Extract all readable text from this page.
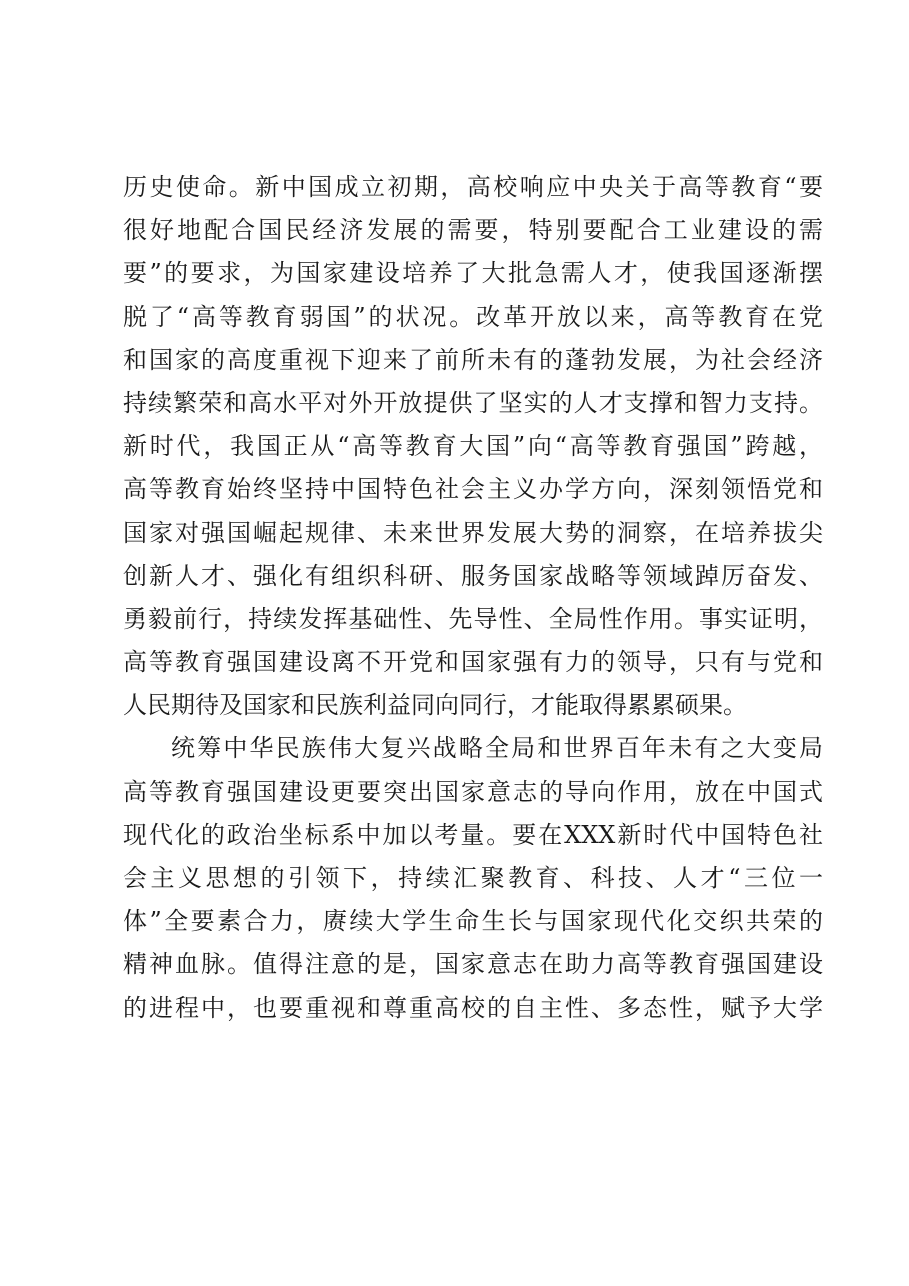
历史使命。新中国成立初期，高校响应中央关于高等教育“要
很好地配合国民经济发展的需要，特别要配合工业建设的需
要”的要求，为国家建设培养了大批急需人才，使我国逐渐摆
脱了“高等教育弱国”的状况。改革开放以来，高等教育在党
和国家的高度重视下迎来了前所未有的蓬勃发展，为社会经济
持续繁荣和高水平对外开放提供了坚实的人才支撑和智力支持。
新时代，我国正从“高等教育大国”向“高等教育强国”跨越，
高等教育始终坚持中国特色社会主义办学方向，深刻领悟党和
国家对强国崛起规律、未来世界发展大势的洞察，在培养拔尖
创新人才、强化有组织科研、服务国家战略等领域踔厉奋发、
勇毅前行，持续发挥基础性、先导性、全局性作用。事实证明，
高等教育强国建设离不开党和国家强有力的领导，只有与党和
人民期待及国家和民族利益同向同行，才能取得累累硕果。
统筹中华民族伟大复兴战略全局和世界百年未有之大变局
高等教育强国建设更要突出国家意志的导向作用，放在中国式
现代化的政治坐标系中加以考量。要在XXX新时代中国特色社
会主义思想的引领下，持续汇聚教育、科技、人才“三位一
体”全要素合力，赓续大学生命生长与国家现代化交织共荣的
精神血脉。值得注意的是，国家意志在助力高等教育强国建设
的进程中，也要重视和尊重高校的自主性、多态性，赋予大学
